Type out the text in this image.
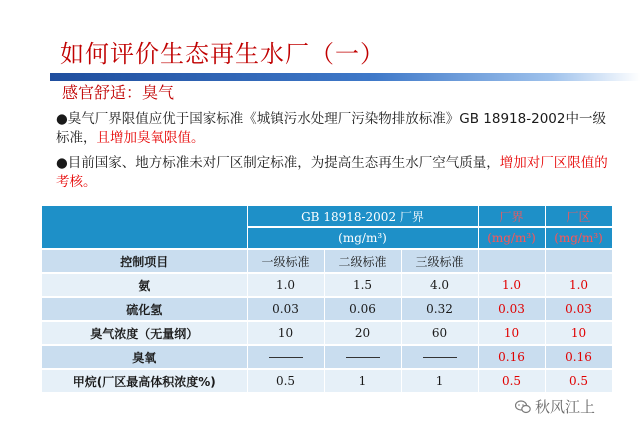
如何评价生态再生水厂（一）
感官舒适：臭气
●臭气厂界限值应优于国家标准《城镇污水处理厂污染物排放标准》GB 18918-2002中一级标准，且增加臭氧限值。
●目前国家、地方标准未对厂区制定标准，为提高生态再生水厂空气质量，增加对厂区限值的考核。
	GB 18918-2002 厂界			厂界	厂区
	(mg/m³)			(mg/m³)	(mg/m³)
控制项目	一级标准	二级标准	三级标准		
氨	1.0	1.5	4.0	1.0	1.0
硫化氢	0.03	0.06	0.32	0.03	0.03
臭气浓度（无量纲）	10	20	60	10	10
臭氧				0.16	0.16
甲烷(厂区最高体积浓度%)	0.5	1	1	0.5	0.5
秋风江上
